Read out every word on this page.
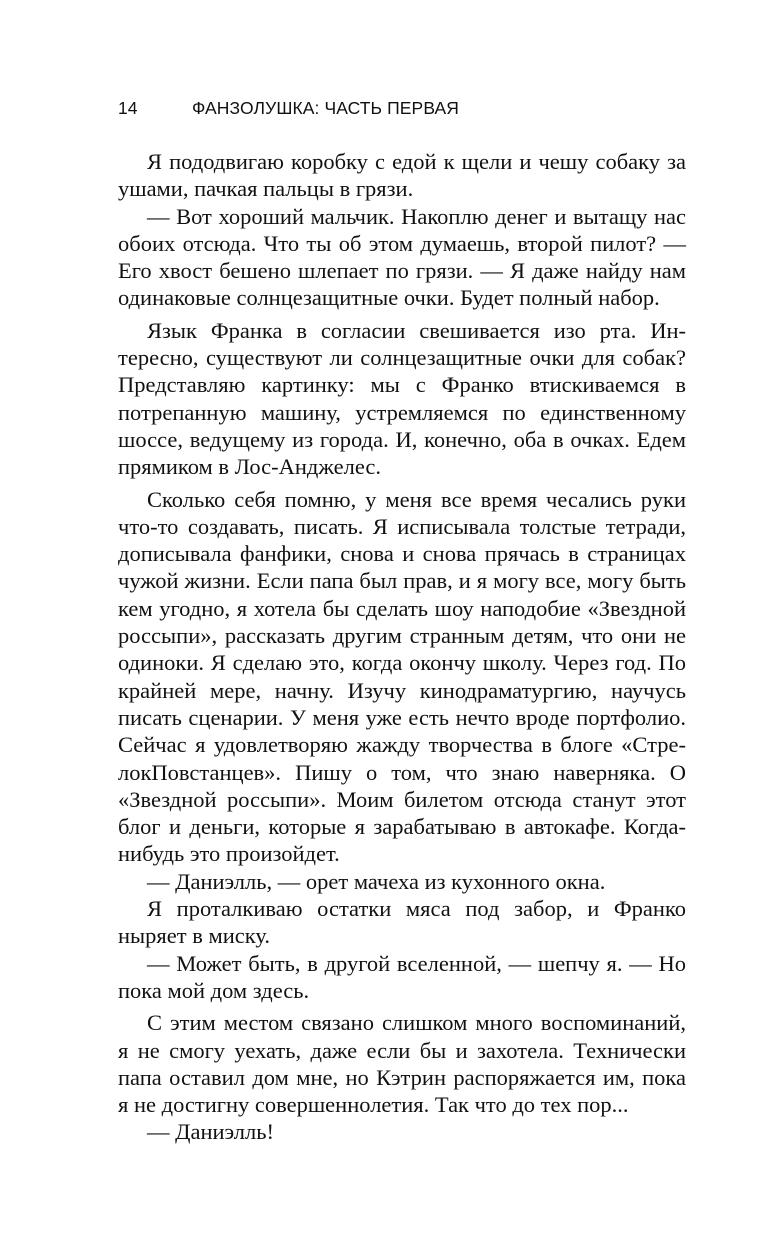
14	ФАНЗОЛУШКА: ЧАСТЬ ПЕРВАЯ

Я пододвигаю коробку с едой к щели и чешу собаку за ушами, пачкая пальцы в грязи.

— Вот хороший мальчик. Накоплю денег и вытащу нас обоих отсюда. Что ты об этом думаешь, второй пилот? — Его хвост бешено шлепает по грязи. — Я даже найду нам одинаковые солнцезащитные очки. Будет полный набор.

Язык Франка в согласии свешивается изо рта. Интересно, существуют ли солнцезащитные очки для собак? Представляю картинку: мы с Франко втискиваемся в потрепанную машину, устремляемся по единственному шоссе, ведущему из города. И, конечно, оба в очках. Едем прямиком в Лос-Анджелес.

Сколько себя помню, у меня все время чесались руки что-то создавать, писать. Я исписывала толстые тетради, дописывала фанфики, снова и снова прячась в страницах чужой жизни. Если папа был прав, и я могу все, могу быть кем угодно, я хотела бы сделать шоу наподобие «Звездной россыпи», рассказать другим странным детям, что они не одиноки. Я сделаю это, когда окончу школу. Через год. По крайней мере, начну. Изучу кинодраматургию, научусь писать сценарии. У меня уже есть нечто вроде портфолио. Сейчас я удовлетворяю жажду творчества в блоге «СтрелокПовстанцев». Пишу о том, что знаю наверняка. О «Звездной россыпи». Моим билетом отсюда станут этот блог и деньги, которые я зарабатываю в автокафе. Когда-нибудь это произойдет.

— Даниэлль, — орет мачеха из кухонного окна.

Я проталкиваю остатки мяса под забор, и Франко ныряет в миску.

— Может быть, в другой вселенной, — шепчу я. — Но пока мой дом здесь.

С этим местом связано слишком много воспоминаний, я не смогу уехать, даже если бы и захотела. Технически папа оставил дом мне, но Кэтрин распоряжается им, пока я не достигну совершеннолетия. Так что до тех пор...

— Даниэлль!
